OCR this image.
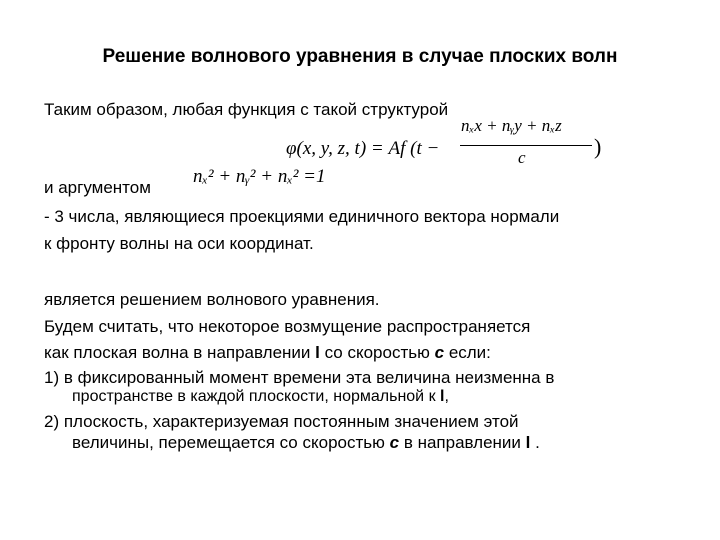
Решение волнового уравнения в случае плоских волн
Таким образом, любая функция с такой структурой
φ(x, y, z, t) = Af (t −
nₓx + nᵧy + nₓz
c	)
и аргументом
nₓ² + nᵧ² + nₓ² =1
- 3 числа, являющиеся проекциями единичного вектора нормали
к фронту волны на оси координат.
является решением волнового уравнения.
Будем считать, что некоторое возмущение распространяется
как плоская волна в направлении l со скоростью c если:
1) в фиксированный момент времени эта величина неизменна в
пространстве в каждой плоскости, нормальной к l,
2) плоскость, характеризуемая постоянным значением этой
величины, перемещается со скоростью c в направлении l .
